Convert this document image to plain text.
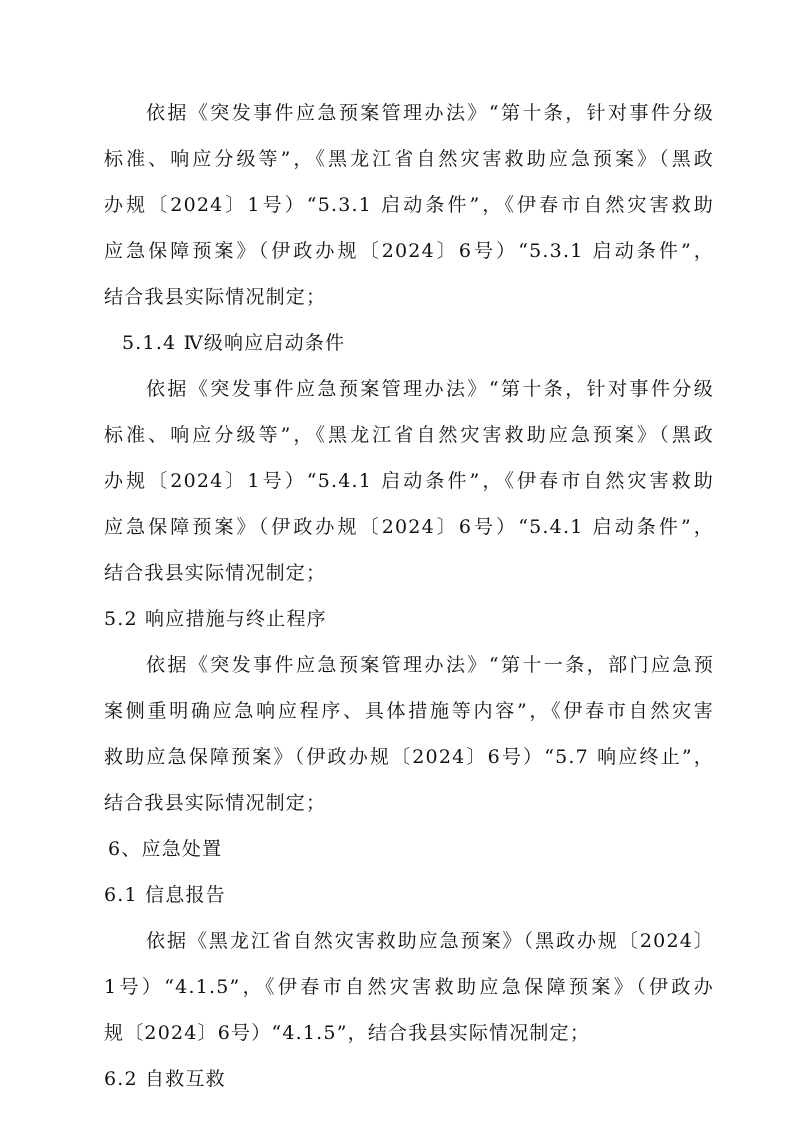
依据《突发事件应急预案管理办法》“第十条，针对事件分级
标准、响应分级等”，《黑龙江省自然灾害救助应急预案》（黑政
办规〔2024〕1号）“5.3.1 启动条件”，《伊春市自然灾害救助
应急保障预案》（伊政办规〔2024〕6号）“5.3.1 启动条件”，
结合我县实际情况制定；
5.1.4 Ⅳ级响应启动条件
依据《突发事件应急预案管理办法》“第十条，针对事件分级
标准、响应分级等”，《黑龙江省自然灾害救助应急预案》（黑政
办规〔2024〕1号）“5.4.1 启动条件”，《伊春市自然灾害救助
应急保障预案》（伊政办规〔2024〕6号）“5.4.1 启动条件”，
结合我县实际情况制定；
5.2 响应措施与终止程序
依据《突发事件应急预案管理办法》“第十一条，部门应急预
案侧重明确应急响应程序、具体措施等内容”，《伊春市自然灾害
救助应急保障预案》（伊政办规〔2024〕6号）“5.7 响应终止”，
结合我县实际情况制定；
6、应急处置
6.1 信息报告
依据《黑龙江省自然灾害救助应急预案》（黑政办规〔2024〕
1号）“4.1.5”，《伊春市自然灾害救助应急保障预案》（伊政办
规〔2024〕6号）“4.1.5”，结合我县实际情况制定；
6.2 自救互救
